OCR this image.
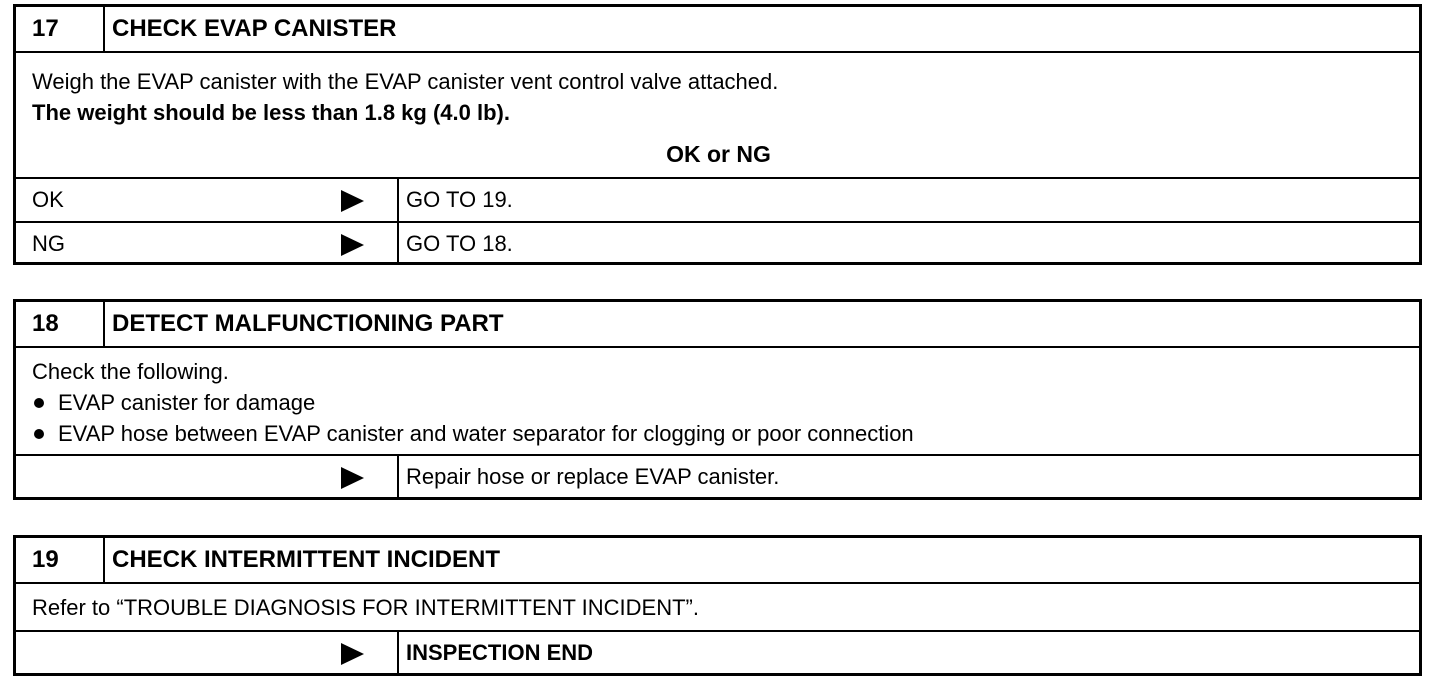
17	CHECK EVAP CANISTER
Weigh the EVAP canister with the EVAP canister vent control valve attached.
The weight should be less than 1.8 kg (4.0 lb).
OK or NG
OK	GO TO 19.
NG	GO TO 18.
18	DETECT MALFUNCTIONING PART
Check the following.
EVAP canister for damage
EVAP hose between EVAP canister and water separator for clogging or poor connection
Repair hose or replace EVAP canister.
19	CHECK INTERMITTENT INCIDENT
Refer to “TROUBLE DIAGNOSIS FOR INTERMITTENT INCIDENT”.
INSPECTION END
